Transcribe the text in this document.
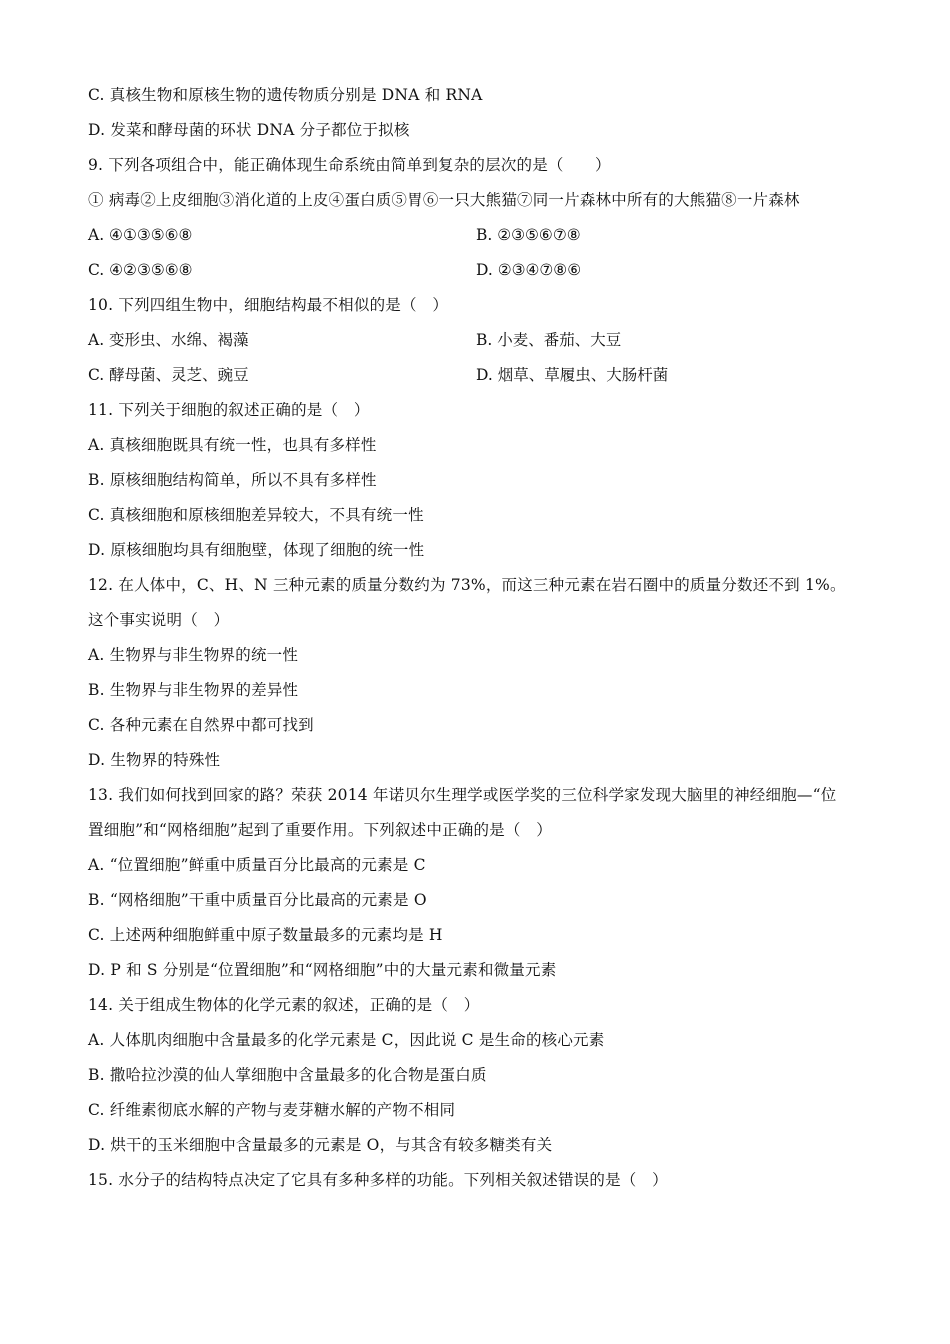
C. 真核生物和原核生物的遗传物质分别是 DNA 和 RNA
D. 发菜和酵母菌的环状 DNA 分子都位于拟核
9. 下列各项组合中，能正确体现生命系统由简单到复杂的层次的是（　　）
① 病毒②上皮细胞③消化道的上皮④蛋白质⑤胃⑥一只大熊猫⑦同一片森林中所有的大熊猫⑧一片森林
A. ④①③⑤⑥⑧	B. ②③⑤⑥⑦⑧
C. ④②③⑤⑥⑧	D. ②③④⑦⑧⑥
10. 下列四组生物中，细胞结构最不相似的是（　）
A. 变形虫、水绵、褐藻	B. 小麦、番茄、大豆
C. 酵母菌、灵芝、豌豆	D. 烟草、草履虫、大肠杆菌
11. 下列关于细胞的叙述正确的是（　）
A. 真核细胞既具有统一性，也具有多样性
B. 原核细胞结构简单，所以不具有多样性
C. 真核细胞和原核细胞差异较大，不具有统一性
D. 原核细胞均具有细胞壁，体现了细胞的统一性
12. 在人体中，C、H、N 三种元素的质量分数约为 73%，而这三种元素在岩石圈中的质量分数还不到 1%。
这个事实说明（　）
A. 生物界与非生物界的统一性
B. 生物界与非生物界的差异性
C. 各种元素在自然界中都可找到
D. 生物界的特殊性
13. 我们如何找到回家的路？荣获 2014 年诺贝尔生理学或医学奖的三位科学家发现大脑里的神经细胞—“位
置细胞”和“网格细胞”起到了重要作用。下列叙述中正确的是（　）
A. “位置细胞”鲜重中质量百分比最高的元素是 C
B. “网格细胞”干重中质量百分比最高的元素是 O
C. 上述两种细胞鲜重中原子数量最多的元素均是 H
D. P 和 S 分别是“位置细胞”和“网格细胞”中的大量元素和微量元素
14. 关于组成生物体的化学元素的叙述，正确的是（　）
A. 人体肌肉细胞中含量最多的化学元素是 C，因此说 C 是生命的核心元素
B. 撒哈拉沙漠的仙人掌细胞中含量最多的化合物是蛋白质
C. 纤维素彻底水解的产物与麦芽糖水解的产物不相同
D. 烘干的玉米细胞中含量最多的元素是 O，与其含有较多糖类有关
15. 水分子的结构特点决定了它具有多种多样的功能。下列相关叙述错误的是（　）
